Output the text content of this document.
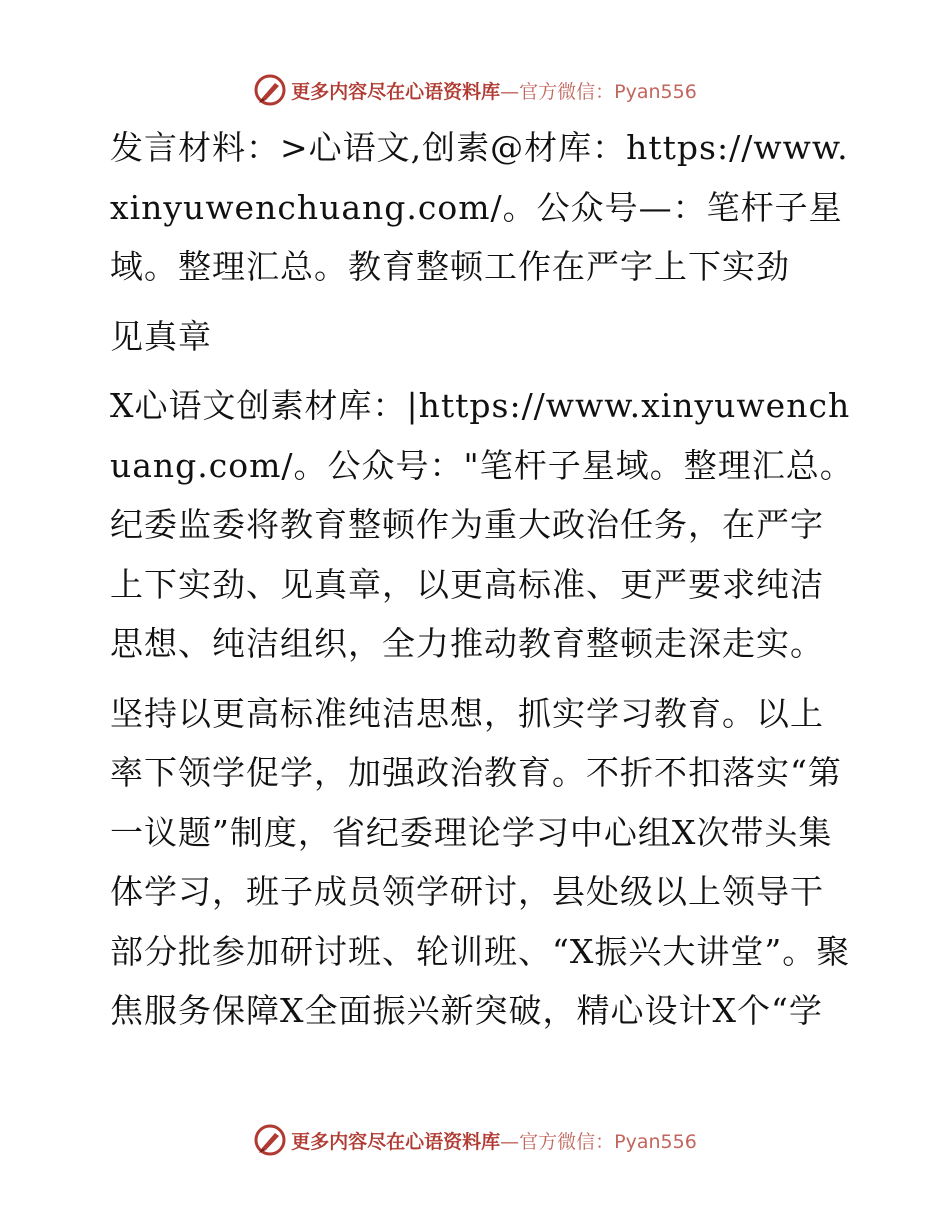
更多内容尽在心语资料库—官方微信：Pyan556

发言材料：>心语文,创素@材库：https://www.xinyuwenchuang.com/。公众号—：笔杆子星域。整理汇总。教育整顿工作在严字上下实劲

见真章

X心语文创素材库：|https://www.xinyuwenchuang.com/。公众号："笔杆子星域。整理汇总。纪委监委将教育整顿作为重大政治任务，在严字上下实劲、见真章，以更高标准、更严要求纯洁思想、纯洁组织，全力推动教育整顿走深走实。

坚持以更高标准纯洁思想，抓实学习教育。以上率下领学促学，加强政治教育。不折不扣落实“第一议题”制度，省纪委理论学习中心组X次带头集体学习，班子成员领学研讨，县处级以上领导干部分批参加研讨班、轮训班、“X振兴大讲堂”。聚焦服务保障X全面振兴新突破，精心设计X个“学

更多内容尽在心语资料库—官方微信：Pyan556
